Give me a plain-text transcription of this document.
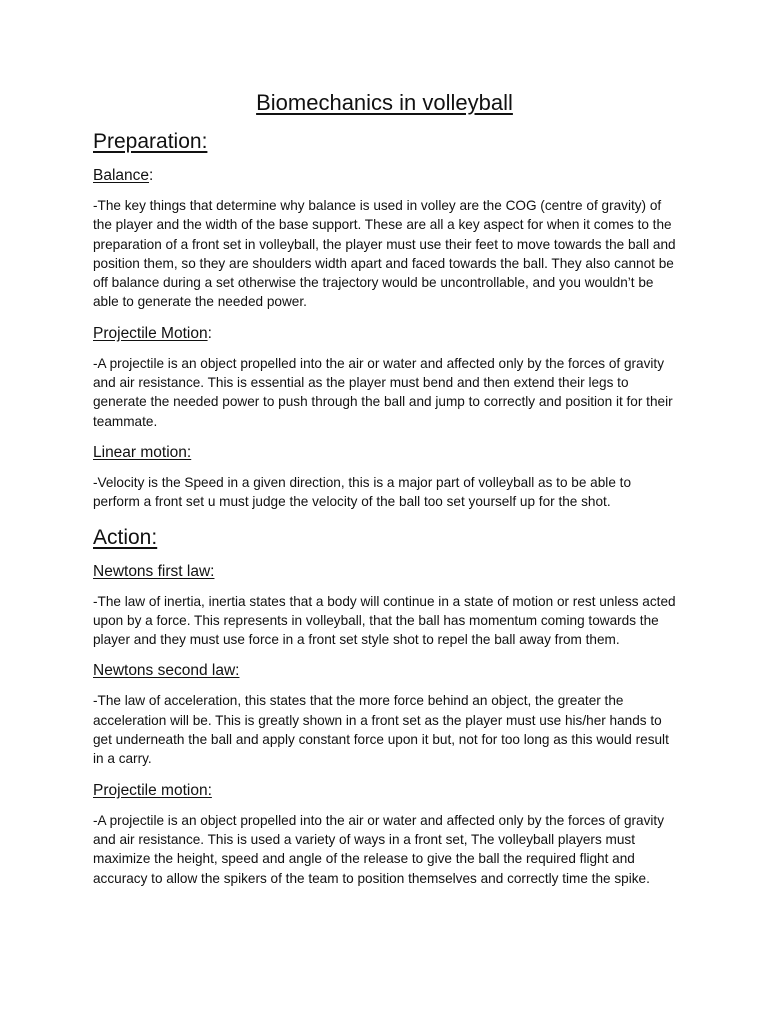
Biomechanics in volleyball
Preparation:
Balance:

-The key things that determine why balance is used in volley are the COG (centre of gravity) of the player and the width of the base support. These are all a key aspect for when it comes to the preparation of a front set in volleyball, the player must use their feet to move towards the ball and position them, so they are shoulders width apart and faced towards the ball. They also cannot be off balance during a set otherwise the trajectory would be uncontrollable, and you wouldn’t be able to generate the needed power.

Projectile Motion:

-A projectile is an object propelled into the air or water and affected only by the forces of gravity and air resistance. This is essential as the player must bend and then extend their legs to generate the needed power to push through the ball and jump to correctly and position it for their teammate.

Linear motion:

-Velocity is the Speed in a given direction, this is a major part of volleyball as to be able to perform a front set u must judge the velocity of the ball too set yourself up for the shot.

Action:
Newtons first law:

-The law of inertia, inertia states that a body will continue in a state of motion or rest unless acted upon by a force. This represents in volleyball, that the ball has momentum coming towards the player and they must use force in a front set style shot to repel the ball away from them.

Newtons second law:

-The law of acceleration, this states that the more force behind an object, the greater the acceleration will be. This is greatly shown in a front set as the player must use his/her hands to get underneath the ball and apply constant force upon it but, not for too long as this would result in a carry.

Projectile motion:

-A projectile is an object propelled into the air or water and affected only by the forces of gravity and air resistance. This is used a variety of ways in a front set, The volleyball players must maximize the height, speed and angle of the release to give the ball the required flight and accuracy to allow the spikers of the team to position themselves and correctly time the spike.
